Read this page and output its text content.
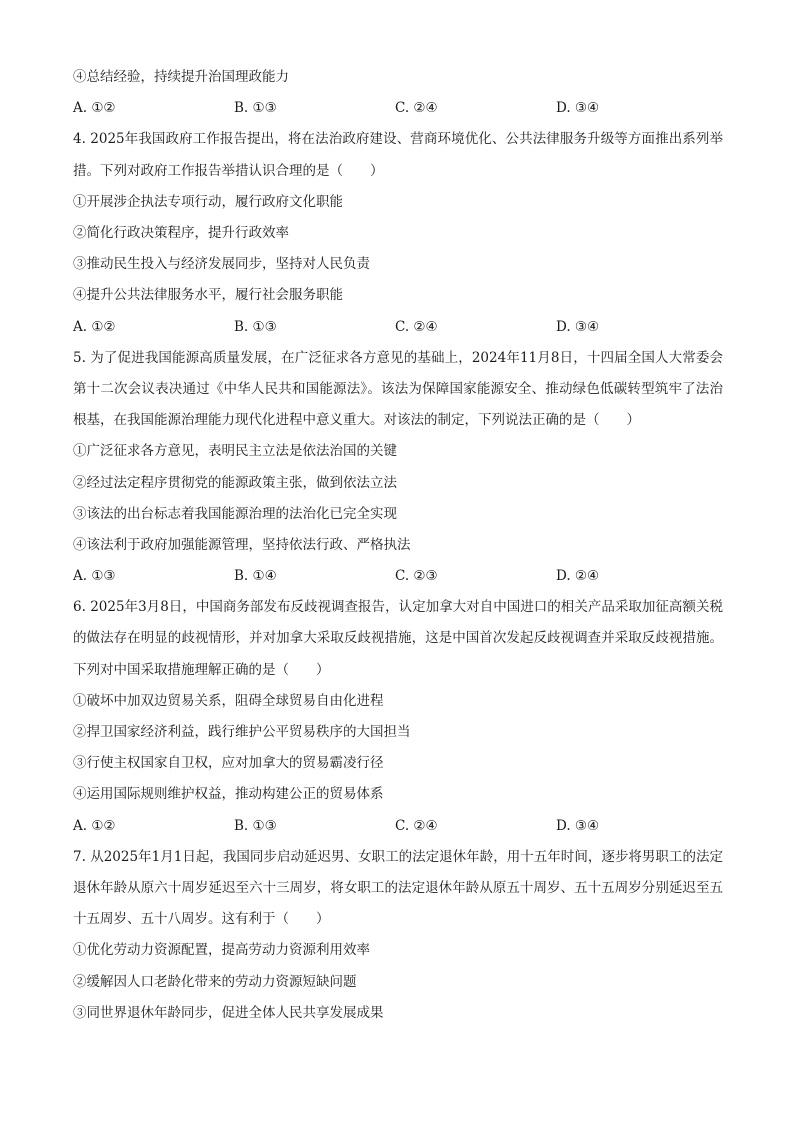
④总结经验，持续提升治国理政能力
A. ①②	B. ①③	C. ②④	D. ③④
4. 2025年我国政府工作报告提出，将在法治政府建设、营商环境优化、公共法律服务升级等方面推出系列举措。下列对政府工作报告举措认识合理的是（　　）
①开展涉企执法专项行动，履行政府文化职能
②简化行政决策程序，提升行政效率
③推动民生投入与经济发展同步，坚持对人民负责
④提升公共法律服务水平，履行社会服务职能
A. ①②	B. ①③	C. ②④	D. ③④
5. 为了促进我国能源高质量发展，在广泛征求各方意见的基础上，2024年11月8日，十四届全国人大常委会第十二次会议表决通过《中华人民共和国能源法》。该法为保障国家能源安全、推动绿色低碳转型筑牢了法治根基，在我国能源治理能力现代化进程中意义重大。对该法的制定，下列说法正确的是（　　）
①广泛征求各方意见，表明民主立法是依法治国的关键
②经过法定程序贯彻党的能源政策主张，做到依法立法
③该法的出台标志着我国能源治理的法治化已完全实现
④该法利于政府加强能源管理，坚持依法行政、严格执法
A. ①③	B. ①④	C. ②③	D. ②④
6. 2025年3月8日，中国商务部发布反歧视调查报告，认定加拿大对自中国进口的相关产品采取加征高额关税的做法存在明显的歧视情形，并对加拿大采取反歧视措施，这是中国首次发起反歧视调查并采取反歧视措施。下列对中国采取措施理解正确的是（　　）
①破坏中加双边贸易关系，阻碍全球贸易自由化进程
②捍卫国家经济利益，践行维护公平贸易秩序的大国担当
③行使主权国家自卫权，应对加拿大的贸易霸凌行径
④运用国际规则维护权益，推动构建公正的贸易体系
A. ①②	B. ①③	C. ②④	D. ③④
7. 从2025年1月1日起，我国同步启动延迟男、女职工的法定退休年龄，用十五年时间，逐步将男职工的法定退休年龄从原六十周岁延迟至六十三周岁，将女职工的法定退休年龄从原五十周岁、五十五周岁分别延迟至五十五周岁、五十八周岁。这有利于（　　）
①优化劳动力资源配置，提高劳动力资源利用效率
②缓解因人口老龄化带来的劳动力资源短缺问题
③同世界退休年龄同步，促进全体人民共享发展成果
